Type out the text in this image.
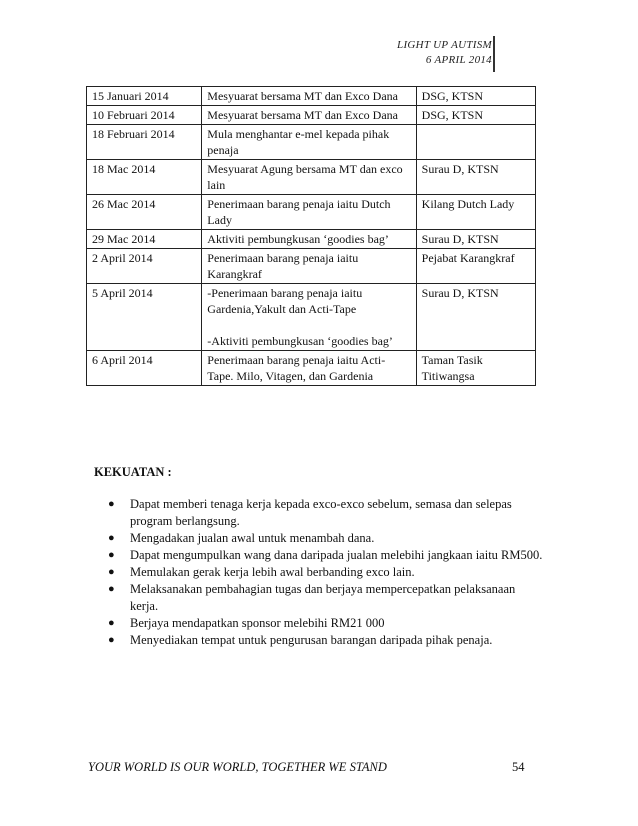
LIGHT UP AUTISM
6 APRIL 2014
15 Januari 2014	Mesyuarat bersama MT dan Exco Dana	DSG, KTSN
10 Februari 2014	Mesyuarat bersama MT dan Exco Dana	DSG, KTSN
18 Februari 2014	Mula menghantar e-mel kepada pihak penaja	

18 Mac 2014	Mesyuarat Agung bersama MT dan exco lain	Surau D, KTSN
26 Mac 2014	Penerimaan barang penaja iaitu Dutch Lady	Kilang Dutch Lady
29 Mac 2014	Aktiviti pembungkusan ‘goodies bag’	Surau D, KTSN
2 April 2014	Penerimaan barang penaja iaitu Karangkraf	Pejabat Karangkraf
5 April 2014	-Penerimaan barang penaja iaitu Gardenia,Yakult dan Acti-Tape
-Aktiviti pembungkusan ‘goodies bag’	Surau D, KTSN
6 April 2014	Penerimaan barang penaja iaitu Acti-Tape. Milo, Vitagen, dan Gardenia	Taman Tasik Titiwangsa
KEKUATAN :
● Dapat memberi tenaga kerja kepada exco-exco sebelum, semasa dan selepas program berlangsung.
● Mengadakan jualan awal untuk menambah dana.
● Dapat mengumpulkan wang dana daripada jualan melebihi jangkaan iaitu RM500.
● Memulakan gerak kerja lebih awal berbanding exco lain.
● Melaksanakan pembahagian tugas dan berjaya mempercepatkan pelaksanaan kerja.
● Berjaya mendapatkan sponsor melebihi RM21 000
● Menyediakan tempat untuk pengurusan barangan daripada pihak penaja.
YOUR WORLD IS OUR WORLD, TOGETHER WE STAND	54
